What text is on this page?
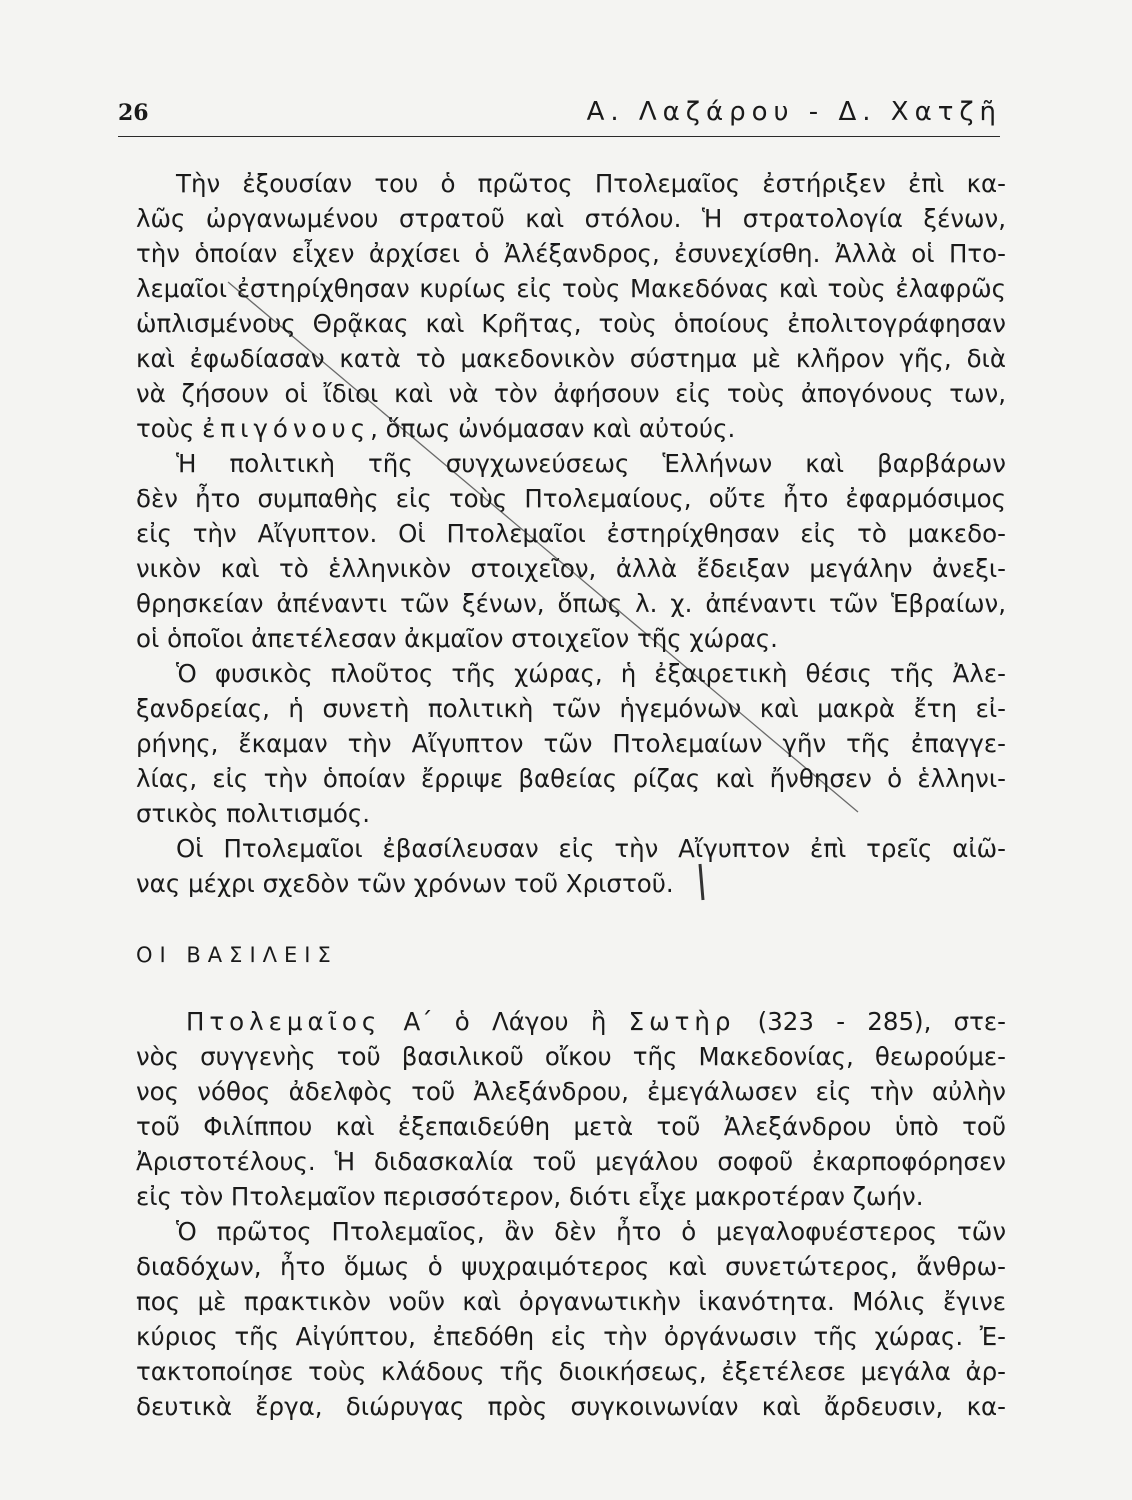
26	Α. Λαζάρου - Δ. Χατζῆ
Τὴν ἐξουσίαν του ὁ πρῶτος Πτολεμαῖος ἐστήριξεν ἐπὶ κα-
λῶς ὠργανωμένου στρατοῦ καὶ στόλου. Ἡ στρατολογία ξένων,
τὴν ὁποίαν εἶχεν ἀρχίσει ὁ Ἀλέξανδρος, ἐσυνεχίσθη. Ἀλλὰ οἱ Πτο-
λεμαῖοι ἐστηρίχθησαν κυρίως εἰς τοὺς Μακεδόνας καὶ τοὺς ἐλαφρῶς
ὡπλισμένους Θρᾷκας καὶ Κρῆτας, τοὺς ὁποίους ἐπολιτογράφησαν
καὶ ἐφωδίασαν κατὰ τὸ μακεδονικὸν σύστημα μὲ κλῆρον γῆς, διὰ
νὰ ζήσουν οἱ ἴδιοι καὶ νὰ τὸν ἀφήσουν εἰς τοὺς ἀπογόνους των,
τοὺς ἐπιγόνους, ὅπως ὠνόμασαν καὶ αὐτούς.
Ἡ πολιτικὴ τῆς συγχωνεύσεως Ἑλλήνων καὶ βαρβάρων
δὲν ἦτο συμπαθὴς εἰς τοὺς Πτολεμαίους, οὔτε ἦτο ἐφαρμόσιμος
εἰς τὴν Αἴγυπτον. Οἱ Πτολεμαῖοι ἐστηρίχθησαν εἰς τὸ μακεδο-
νικὸν καὶ τὸ ἑλληνικὸν στοιχεῖον, ἀλλὰ ἔδειξαν μεγάλην ἀνεξι-
θρησκείαν ἀπέναντι τῶν ξένων, ὅπως λ. χ. ἀπέναντι τῶν Ἑβραίων,
οἱ ὁποῖοι ἀπετέλεσαν ἀκμαῖον στοιχεῖον τῆς χώρας.
Ὁ φυσικὸς πλοῦτος τῆς χώρας, ἡ ἐξαιρετικὴ θέσις τῆς Ἀλε-
ξανδρείας, ἡ συνετὴ πολιτικὴ τῶν ἡγεμόνων καὶ μακρὰ ἔτη εἰ-
ρήνης, ἔκαμαν τὴν Αἴγυπτον τῶν Πτολεμαίων γῆν τῆς ἐπαγγε-
λίας, εἰς τὴν ὁποίαν ἔρριψε βαθείας ρίζας καὶ ἤνθησεν ὁ ἑλληνι-
στικὸς πολιτισμός.
Οἱ Πτολεμαῖοι ἐβασίλευσαν εἰς τὴν Αἴγυπτον ἐπὶ τρεῖς αἰῶ-
νας μέχρι σχεδὸν τῶν χρόνων τοῦ Χριστοῦ.
ΟΙ ΒΑΣΙΛΕΙΣ
Πτολεμαῖος Α΄ ὁ Λάγου ἢ Σωτὴρ (323 - 285), στε-
νὸς συγγενὴς τοῦ βασιλικοῦ οἴκου τῆς Μακεδονίας, θεωρούμε-
νος νόθος ἀδελφὸς τοῦ Ἀλεξάνδρου, ἐμεγάλωσεν εἰς τὴν αὐλὴν
τοῦ Φιλίππου καὶ ἐξεπαιδεύθη μετὰ τοῦ Ἀλεξάνδρου ὑπὸ τοῦ
Ἀριστοτέλους. Ἡ διδασκαλία τοῦ μεγάλου σοφοῦ ἐκαρποφόρησεν
εἰς τὸν Πτολεμαῖον περισσότερον, διότι εἶχε μακροτέραν ζωήν.
Ὁ πρῶτος Πτολεμαῖος, ἂν δὲν ἦτο ὁ μεγαλοφυέστερος τῶν
διαδόχων, ἦτο ὅμως ὁ ψυχραιμότερος καὶ συνετώτερος, ἄνθρω-
πος μὲ πρακτικὸν νοῦν καὶ ὀργανωτικὴν ἱκανότητα. Μόλις ἔγινε
κύριος τῆς Αἰγύπτου, ἐπεδόθη εἰς τὴν ὀργάνωσιν τῆς χώρας. Ἐ-
τακτοποίησε τοὺς κλάδους τῆς διοικήσεως, ἐξετέλεσε μεγάλα ἀρ-
δευτικὰ ἔργα, διώρυγας πρὸς συγκοινωνίαν καὶ ἄρδευσιν, κα-
